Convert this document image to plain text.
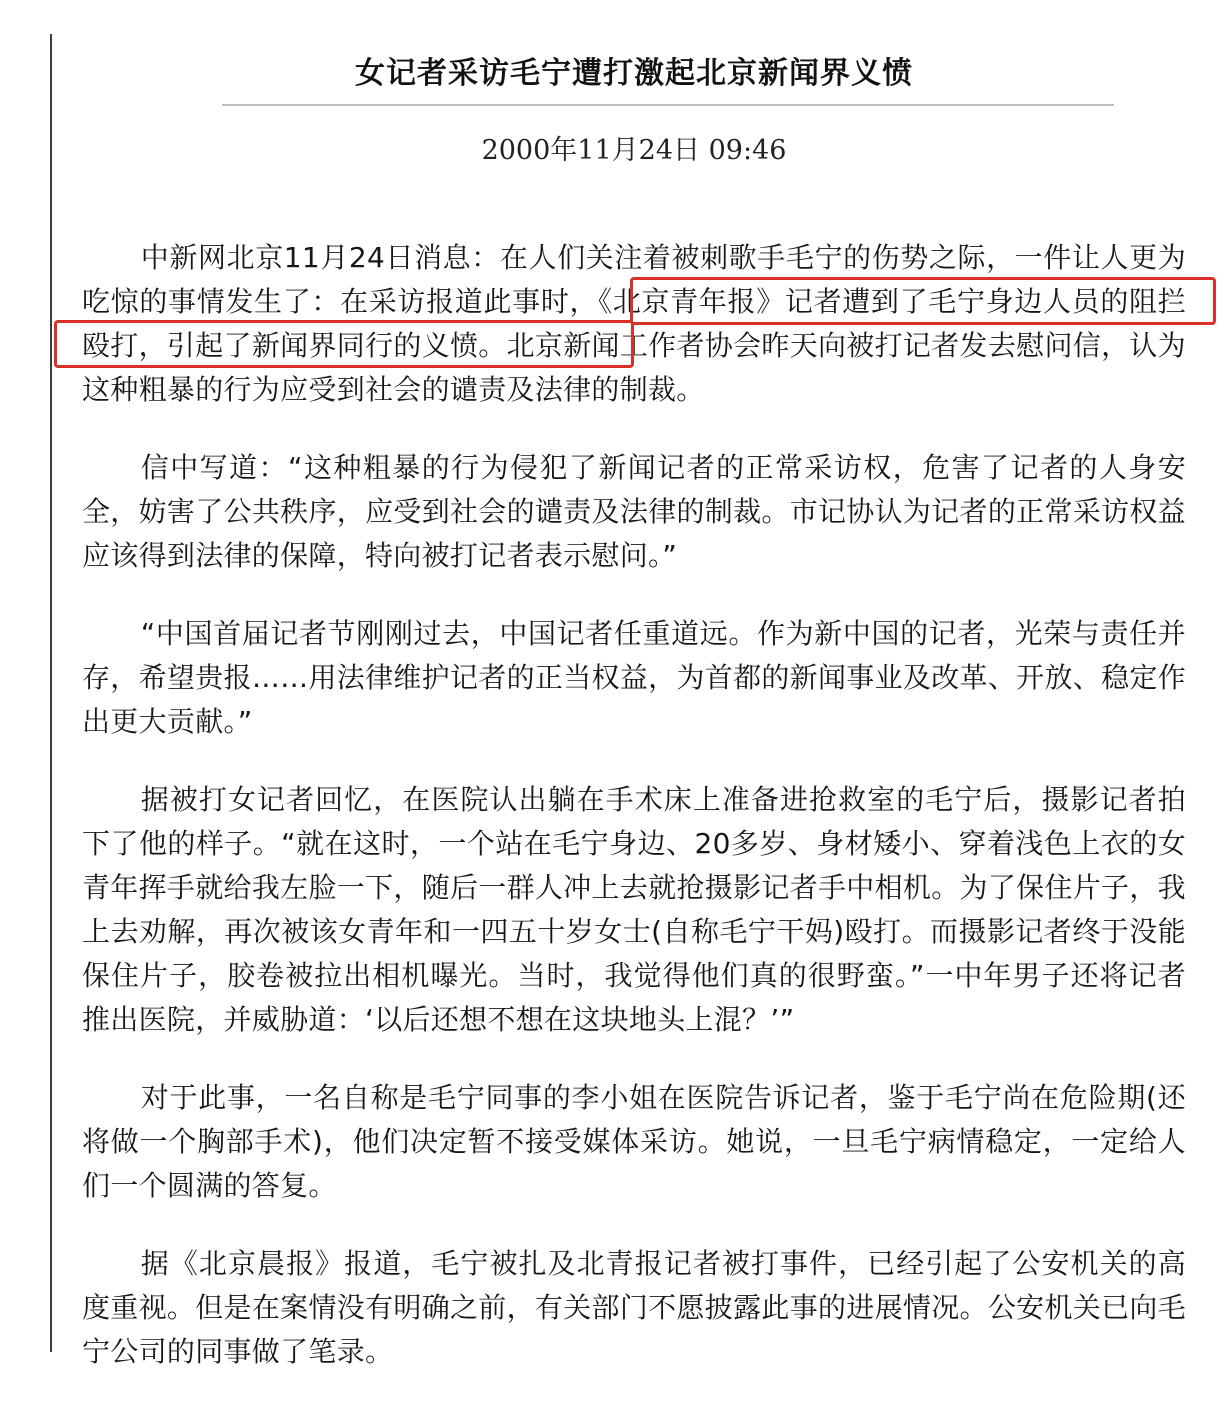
女记者采访毛宁遭打激起北京新闻界义愤
2000年11月24日 09:46

中新网北京11月24日消息：在人们关注着被刺歌手毛宁的伤势之际，一件让人更为吃惊的事情发生了：在采访报道此事时，《北京青年报》记者遭到了毛宁身边人员的阻拦殴打，引起了新闻界同行的义愤。北京新闻工作者协会昨天向被打记者发去慰问信，认为这种粗暴的行为应受到社会的谴责及法律的制裁。

信中写道：“这种粗暴的行为侵犯了新闻记者的正常采访权，危害了记者的人身安全，妨害了公共秩序，应受到社会的谴责及法律的制裁。市记协认为记者的正常采访权益应该得到法律的保障，特向被打记者表示慰问。”

“中国首届记者节刚刚过去，中国记者任重道远。作为新中国的记者，光荣与责任并存，希望贵报……用法律维护记者的正当权益，为首都的新闻事业及改革、开放、稳定作出更大贡献。”

据被打女记者回忆，在医院认出躺在手术床上准备进抢救室的毛宁后，摄影记者拍下了他的样子。“就在这时，一个站在毛宁身边、20多岁、身材矮小、穿着浅色上衣的女青年挥手就给我左脸一下，随后一群人冲上去就抢摄影记者手中相机。为了保住片子，我上去劝解，再次被该女青年和一四五十岁女士(自称毛宁干妈)殴打。而摄影记者终于没能保住片子，胶卷被拉出相机曝光。当时，我觉得他们真的很野蛮。”一中年男子还将记者推出医院，并威胁道：‘以后还想不想在这块地头上混？’”

对于此事，一名自称是毛宁同事的李小姐在医院告诉记者，鉴于毛宁尚在危险期(还将做一个胸部手术)，他们决定暂不接受媒体采访。她说，一旦毛宁病情稳定，一定给人们一个圆满的答复。

据《北京晨报》报道，毛宁被扎及北青报记者被打事件，已经引起了公安机关的高度重视。但是在案情没有明确之前，有关部门不愿披露此事的进展情况。公安机关已向毛宁公司的同事做了笔录。
